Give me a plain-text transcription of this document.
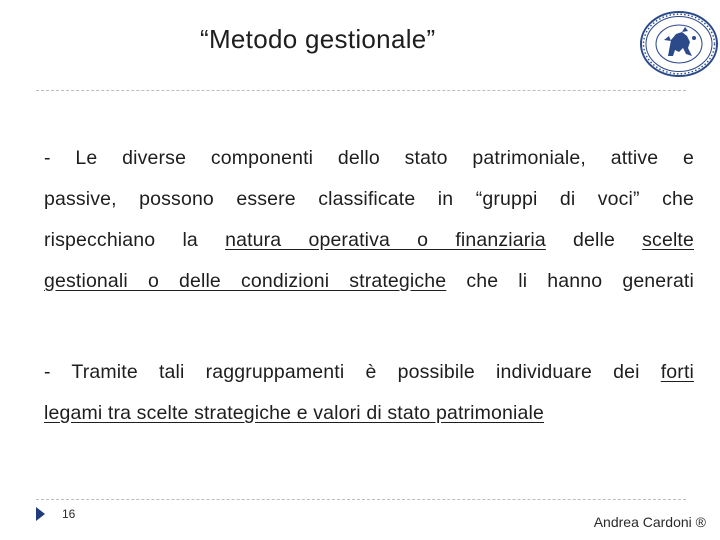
“Metodo gestionale”
- Le diverse componenti dello stato patrimoniale, attive e
passive, possono essere classificate in “gruppi di voci” che
rispecchiano la natura operativa o finanziaria delle scelte
gestionali o delle condizioni strategiche che li hanno generati
- Tramite tali raggruppamenti è possibile individuare dei forti
legami tra scelte strategiche e valori di stato patrimoniale
16	Andrea Cardoni ®
